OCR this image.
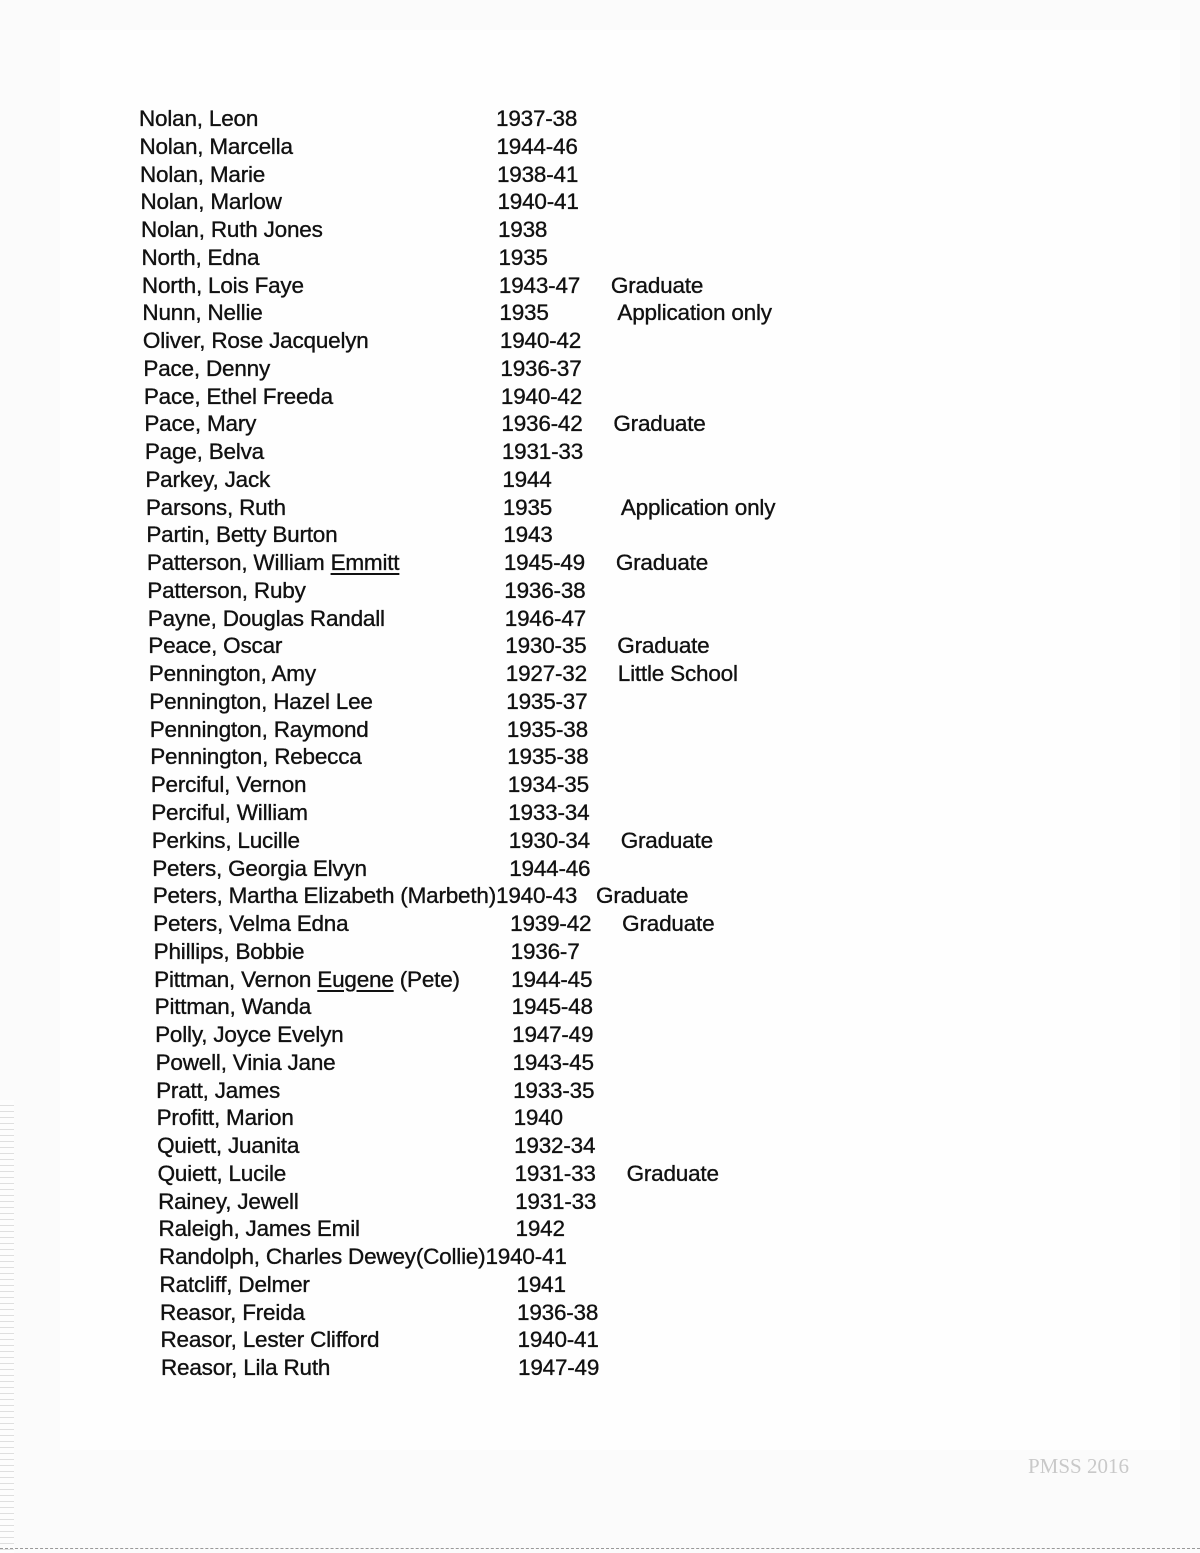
Nolan, Leon	1937-38
Nolan, Marcella	1944-46
Nolan, Marie	1938-41
Nolan, Marlow	1940-41
Nolan, Ruth Jones	1938
North, Edna	1935
North, Lois Faye	1943-47	Graduate
Nunn, Nellie	1935	Application only
Oliver, Rose Jacquelyn	1940-42
Pace, Denny	1936-37
Pace, Ethel Freeda	1940-42
Pace, Mary	1936-42	Graduate
Page, Belva	1931-33
Parkey, Jack	1944
Parsons, Ruth	1935	Application only
Partin, Betty Burton	1943
Patterson, William Emmitt	1945-49	Graduate
Patterson, Ruby	1936-38
Payne, Douglas Randall	1946-47
Peace, Oscar	1930-35	Graduate
Pennington, Amy	1927-32	Little School
Pennington, Hazel Lee	1935-37
Pennington, Raymond	1935-38
Pennington, Rebecca	1935-38
Perciful, Vernon	1934-35
Perciful, William	1933-34
Perkins, Lucille	1930-34	Graduate
Peters, Georgia Elvyn	1944-46
Peters, Martha Elizabeth (Marbeth) 1940-43 Graduate
Peters, Velma Edna	1939-42	Graduate
Phillips, Bobbie	1936-7
Pittman, Vernon Eugene (Pete)	1944-45
Pittman, Wanda	1945-48
Polly, Joyce Evelyn	1947-49
Powell, Vinia Jane	1943-45
Pratt, James	1933-35
Profitt, Marion	1940
Quiett, Juanita	1932-34
Quiett, Lucile	1931-33	Graduate
Rainey, Jewell	1931-33
Raleigh, James Emil	1942
Randolph, Charles Dewey(Collie) 1940-41
Ratcliff, Delmer	1941
Reasor, Freida	1936-38
Reasor, Lester Clifford	1940-41
Reasor, Lila Ruth	1947-49
PMSS 2016
